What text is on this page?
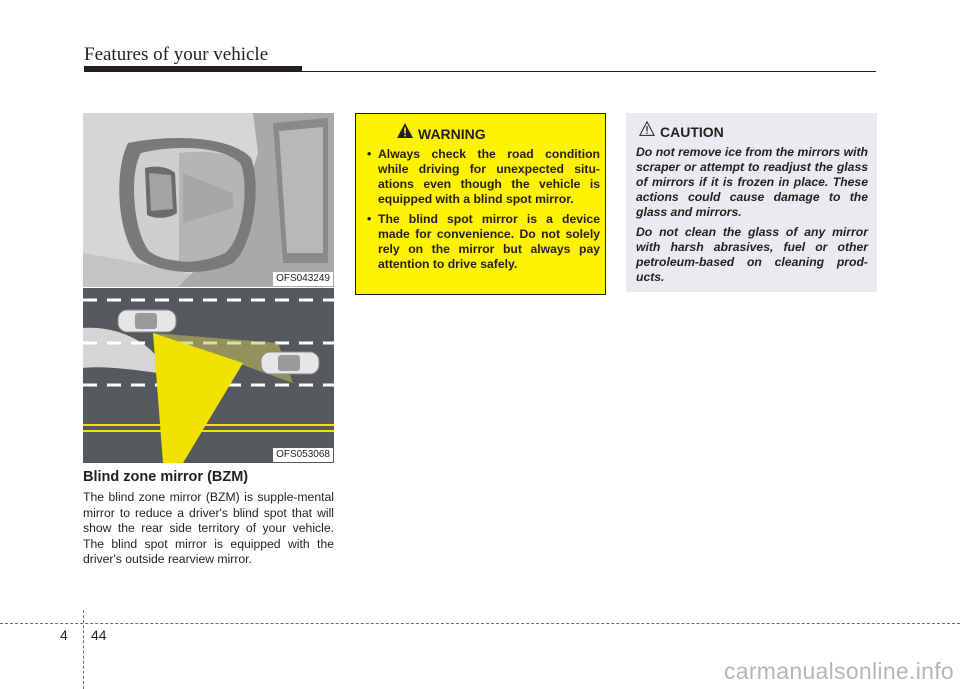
Features of your vehicle
OFS043249
OFS053068
Blind zone mirror (BZM)
The blind zone mirror (BZM) is supple-mental mirror to reduce a driver's blind spot that will show the rear side territory of your vehicle. The blind spot mirror is equipped with the driver's outside rearview mirror.
WARNING
• Always check the road condition while driving for unexpected situ-ations even though the vehicle is equipped with a blind spot mirror.
• The blind spot mirror is a device made for convenience. Do not solely rely on the mirror but always pay attention to drive safely.
CAUTION

Do not remove ice from the mirrors with scraper or attempt to readjust the glass of mirrors if it is frozen in place. These actions could cause damage to the glass and mirrors.

Do not clean the glass of any mirror with harsh abrasives, fuel or other petroleum-based on cleaning prod-ucts.

4 44
carmanualsonline.info
